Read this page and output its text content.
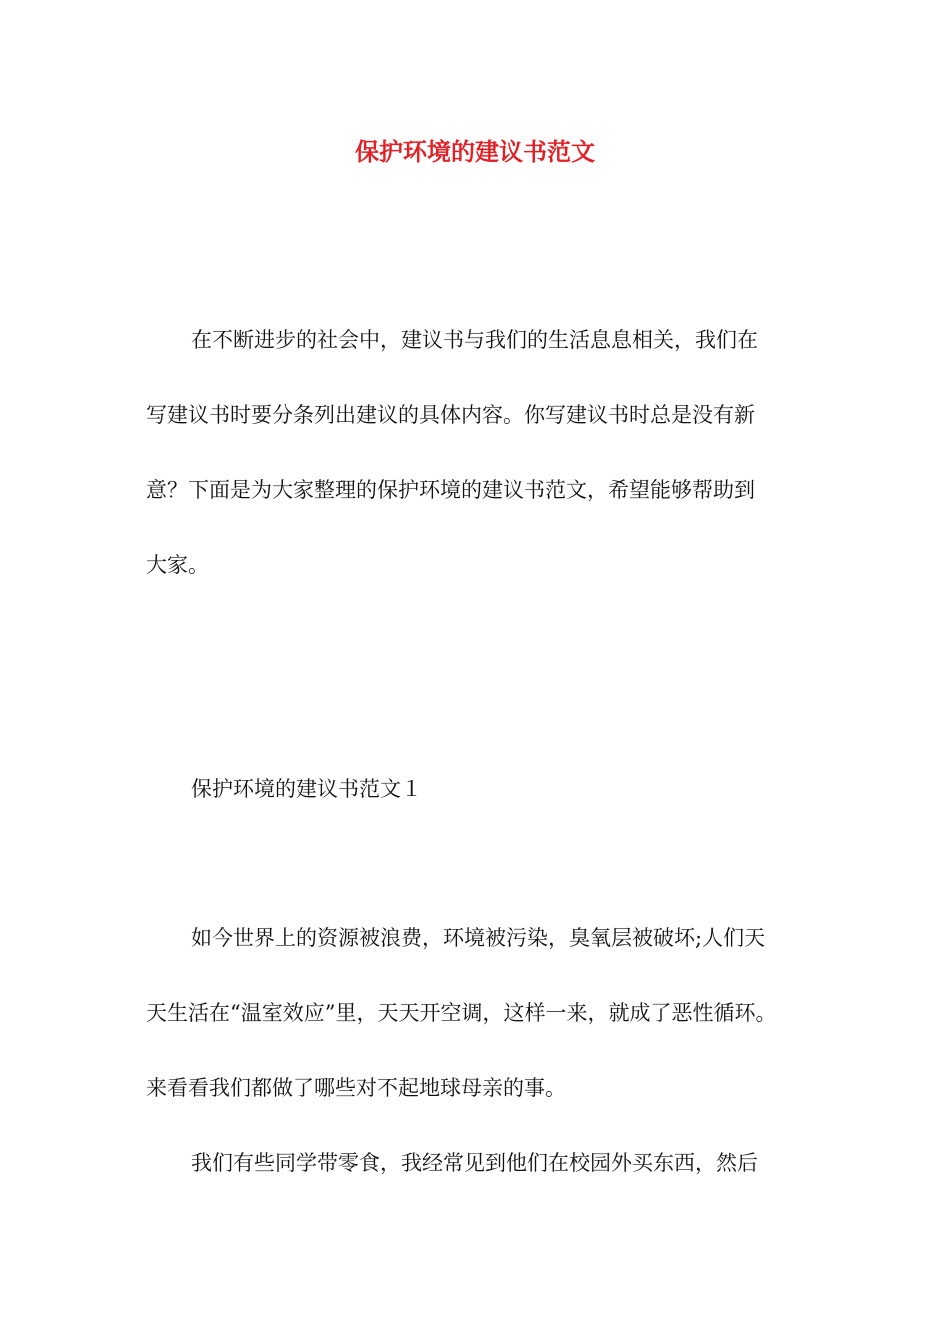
保护环境的建议书范文
在不断进步的社会中，建议书与我们的生活息息相关，我们在
写建议书时要分条列出建议的具体内容。你写建议书时总是没有新
意？下面是为大家整理的保护环境的建议书范文，希望能够帮助到
大家。
保护环境的建议书范文１
如今世界上的资源被浪费，环境被污染，臭氧层被破坏;人们天
天生活在“温室效应”里，天天开空调，这样一来，就成了恶性循环。
来看看我们都做了哪些对不起地球母亲的事。
我们有些同学带零食，我经常见到他们在校园外买东西，然后
